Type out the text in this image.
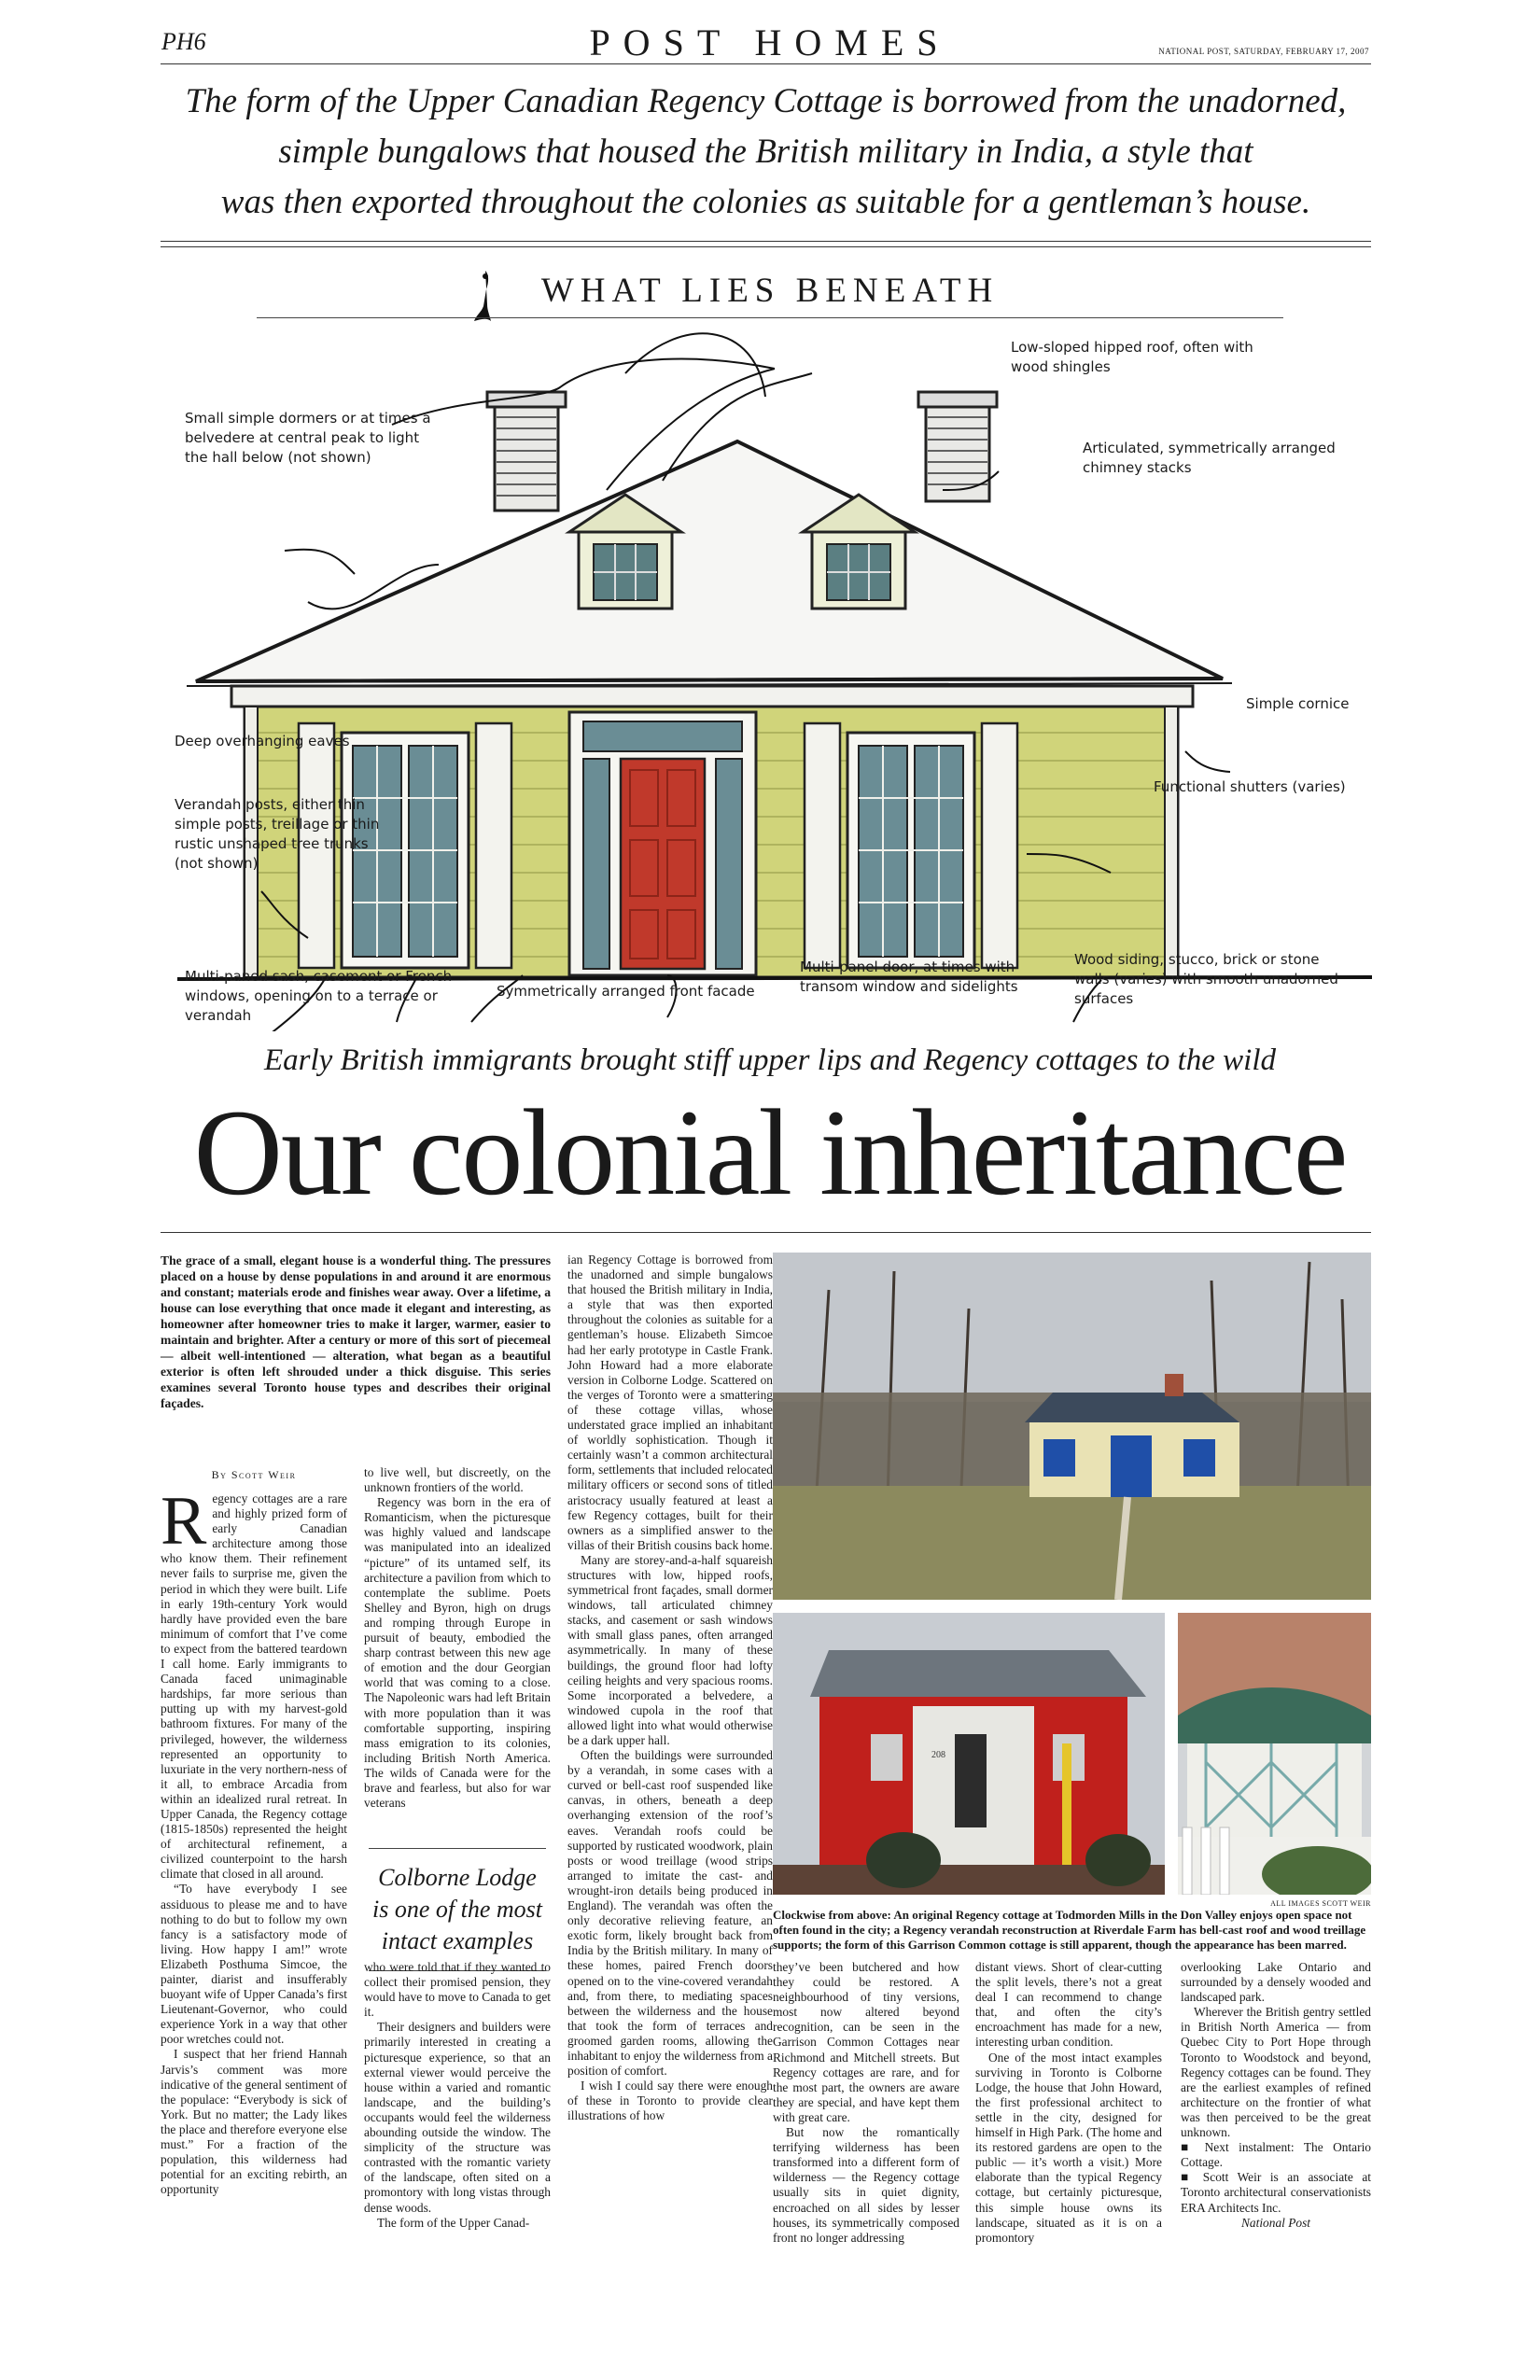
PH6	POST HOMES	NATIONAL POST, SATURDAY, FEBRUARY 17, 2007
The form of the Upper Canadian Regency Cottage is borrowed from the unadorned,
simple bungalows that housed the British military in India, a style that
was then exported throughout the colonies as suitable for a gentleman’s house.
WHAT LIES BENEATH
Low-sloped hipped roof, often with wood shingles
Small simple dormers or at times a belvedere at central peak to light the hall below (not shown)
Articulated, symmetrically arranged chimney stacks
Simple cornice
Deep overhanging eaves
Functional shutters (varies)
Verandah posts, either thin simple posts, treillage or thin rustic unshaped tree trunks (not shown)
Multi-paned sash, casement or French windows, opening on to a terrace or verandah
Symmetrically arranged front facade
Multi-panel door, at times with transom window and sidelights
Wood siding, stucco, brick or stone walls (varies) with smooth unadorned surfaces
Early British immigrants brought stiff upper lips and Regency cottages to the wild
Our colonial inheritance
The grace of a small, elegant house is a wonderful thing. The pressures placed on a house by dense populations in and around it are enormous and constant; materials erode and finishes wear away. Over a lifetime, a house can lose everything that once made it elegant and interesting, as homeowner after homeowner tries to make it larger, warmer, easier to maintain and brighter. After a century or more of this sort of piecemeal — albeit well-intentioned — alteration, what began as a beautiful exterior is often left shrouded under a thick disguise. This series examines several Toronto house types and describes their original façades.
By Scott Weir

Regency cottages are a rare and highly prized form of early Canadian architecture among those who know them. Their refinement never fails to surprise me, given the period in which they were built. Life in early 19th-century York would hardly have provided even the bare minimum of comfort that I’ve come to expect from the battered teardown I call home. Early immigrants to Canada faced unimaginable hardships, far more serious than putting up with my harvest-gold bathroom fixtures. For many of the privileged, however, the wilderness represented an opportunity to luxuriate in the very northern-ness of it all, to embrace Arcadia from within an idealized rural retreat. In Upper Canada, the Regency cottage (1815-1850s) represented the height of architectural refinement, a civilized counterpoint to the harsh climate that closed in all around.

“To have everybody I see assiduous to please me and to have nothing to do but to follow my own fancy is a satisfactory mode of living. How happy I am!” wrote Elizabeth Posthuma Simcoe, the painter, diarist and insufferably buoyant wife of Upper Canada’s first Lieutenant-Governor, who could experience York in a way that other poor wretches could not.

I suspect that her friend Hannah Jarvis’s comment was more indicative of the general sentiment of the populace: “Everybody is sick of York. But no matter; the Lady likes the place and therefore everyone else must.” For a fraction of the population, this wilderness had potential for an exciting rebirth, an opportunity

to live well, but discreetly, on the unknown frontiers of the world.

Regency was born in the era of Romanticism, when the picturesque was highly valued and landscape was manipulated into an idealized “picture” of its untamed self, its architecture a pavilion from which to contemplate the sublime. Poets Shelley and Byron, high on drugs and romping through Europe in pursuit of beauty, embodied the sharp contrast between this new age of emotion and the dour Georgian world that was coming to a close. The Napoleonic wars had left Britain with more population than it was comfortable supporting, inspiring mass emigration to its colonies, including British North America. The wilds of Canada were for the brave and fearless, but also for war veterans

Colborne Lodge is one of the most intact examples

who were told that if they wanted to collect their promised pension, they would have to move to Canada to get it.

Their designers and builders were primarily interested in creating a picturesque experience, so that an external viewer would perceive the house within a varied and romantic landscape, and the building’s occupants would feel the wilderness abounding outside the window. The simplicity of the structure was contrasted with the romantic variety of the landscape, often sited on a promontory with long vistas through dense woods.

The form of the Upper Canad-

ian Regency Cottage is borrowed from the unadorned and simple bungalows that housed the British military in India, a style that was then exported throughout the colonies as suitable for a gentleman’s house. Elizabeth Simcoe had her early prototype in Castle Frank. John Howard had a more elaborate version in Colborne Lodge. Scattered on the verges of Toronto were a smattering of these cottage villas, whose understated grace implied an inhabitant of worldly sophistication. Though it certainly wasn’t a common architectural form, settlements that included relocated military officers or second sons of titled aristocracy usually featured at least a few Regency cottages, built for their owners as a simplified answer to the villas of their British cousins back home.

Many are storey-and-a-half squareish structures with low, hipped roofs, symmetrical front façades, small dormer windows, tall articulated chimney stacks, and casement or sash windows with small glass panes, often arranged asymmetrically. In many of these buildings, the ground floor had lofty ceiling heights and very spacious rooms. Some incorporated a belvedere, a windowed cupola in the roof that allowed light into what would otherwise be a dark upper hall.

Often the buildings were surrounded by a verandah, in some cases with a curved or bell-cast roof suspended like canvas, in others, beneath a deep overhanging extension of the roof’s eaves. Verandah roofs could be supported by rusticated woodwork, plain posts or wood treillage (wood strips arranged to imitate the cast- and wrought-iron details being produced in England). The verandah was often the only decorative relieving feature, an exotic form, likely brought back from India by the British military. In many of these homes, paired French doors opened on to the vine-covered verandah and, from there, to mediating spaces between the wilderness and the house that took the form of terraces and groomed garden rooms, allowing the inhabitant to enjoy the wilderness from a position of comfort.

I wish I could say there were enough of these in Toronto to provide clear illustrations of how

208
ALL IMAGES SCOTT WEIR
Clockwise from above: An original Regency cottage at Todmorden Mills in the Don Valley enjoys open space not often found in the city; a Regency verandah reconstruction at Riverdale Farm has bell-cast roof and wood treillage supports; the form of this Garrison Common cottage is still apparent, though the appearance has been marred.

they’ve been butchered and how they could be restored. A neighbourhood of tiny versions, most now altered beyond recognition, can be seen in the Garrison Common Cottages near Richmond and Mitchell streets. But Regency cottages are rare, and for the most part, the owners are aware they are special, and have kept them with great care.

But now the romantically terrifying wilderness has been transformed into a different form of wilderness — the Regency cottage usually sits in quiet dignity, encroached on all sides by lesser houses, its symmetrically composed front no longer addressing

distant views. Short of clear-cutting the split levels, there’s not a great deal I can recommend to change that, and often the city’s encroachment has made for a new, interesting urban condition.

One of the most intact examples surviving in Toronto is Colborne Lodge, the house that John Howard, the first professional architect to settle in the city, designed for himself in High Park. (The home and its restored gardens are open to the public — it’s worth a visit.) More elaborate than the typical Regency cottage, but certainly picturesque, this simple house owns its landscape, situated as it is on a promontory

overlooking Lake Ontario and surrounded by a densely wooded and landscaped park.

Wherever the British gentry settled in British North America — from Quebec City to Port Hope through Toronto to Woodstock and beyond, Regency cottages can be found. They are the earliest examples of refined architecture on the frontier of what was then perceived to be the great unknown.

■ Next instalment: The Ontario Cottage.

■ Scott Weir is an associate at Toronto architectural conservationists ERA Architects Inc.

National Post
